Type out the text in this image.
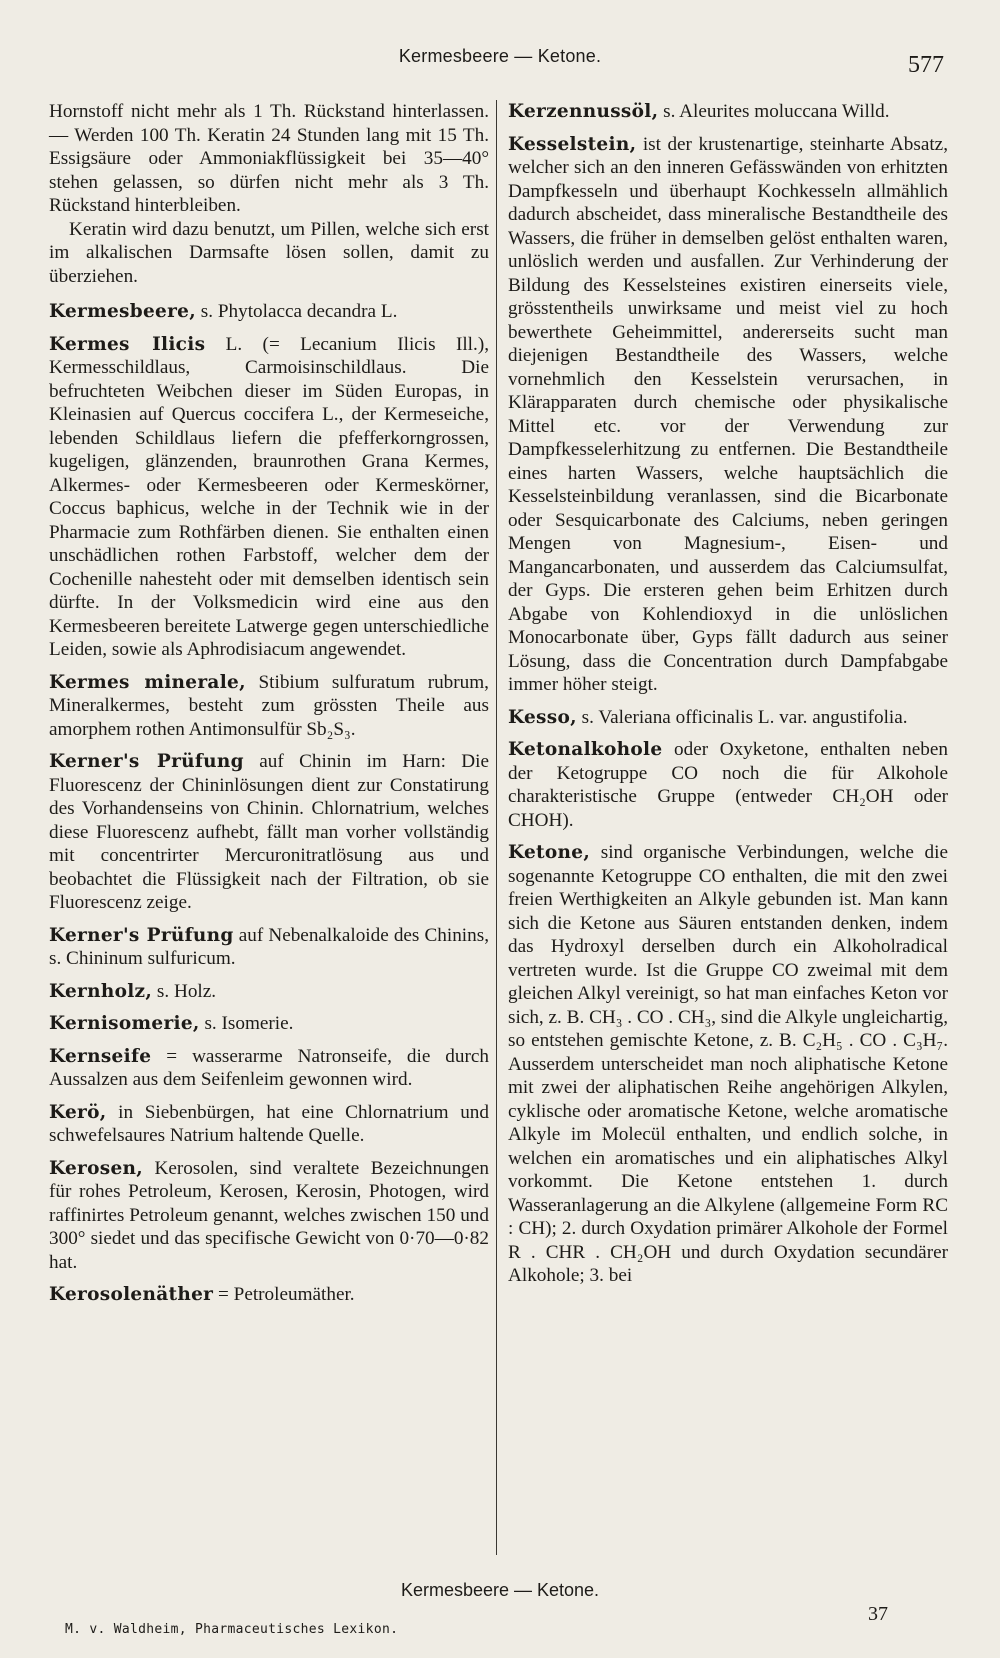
Kermesbeere — Ketone.	577

Hornstoff nicht mehr als 1 Th. Rückstand hinterlassen. — Werden 100 Th. Keratin 24 Stunden lang mit 15 Th. Essigsäure oder Ammoniakflüssigkeit bei 35—40° stehen gelassen, so dürfen nicht mehr als 3 Th. Rückstand hinterbleiben.

Keratin wird dazu benutzt, um Pillen, welche sich erst im alkalischen Darmsafte lösen sollen, damit zu überziehen.

Kermesbeere, s. Phytolacca decandra L.
Kermes Ilicis L. (= Lecanium Ilicis Ill.), Kermesschildlaus, Carmoisinschildlaus. Die befruchteten Weibchen dieser im Süden Europas, in Kleinasien auf Quercus coccifera L., der Kermeseiche, lebenden Schildlaus liefern die pfefferkorngrossen, kugeligen, glänzenden, braunrothen Grana Kermes, Alkermes- oder Kermesbeeren oder Kermeskörner, Coccus baphicus, welche in der Technik wie in der Pharmacie zum Rothfärben dienen. Sie enthalten einen unschädlichen rothen Farbstoff, welcher dem der Cochenille nahesteht oder mit demselben identisch sein dürfte. In der Volksmedicin wird eine aus den Kermesbeeren bereitete Latwerge gegen unterschiedliche Leiden, sowie als Aphrodisiacum angewendet.
Kermes minerale, Stibium sulfuratum rubrum, Mineralkermes, besteht zum grössten Theile aus amorphem rothen Antimonsulfür Sb₂S₃.
Kerner's Prüfung auf Chinin im Harn: Die Fluorescenz der Chininlösungen dient zur Constatirung des Vorhandenseins von Chinin. Chlornatrium, welches diese Fluorescenz aufhebt, fällt man vorher vollständig mit concentrirter Mercuronitratlösung aus und beobachtet die Flüssigkeit nach der Filtration, ob sie Fluorescenz zeige.
Kerner's Prüfung auf Nebenalkaloide des Chinins, s. Chininum sulfuricum.
Kernholz, s. Holz.
Kernisomerie, s. Isomerie.
Kernseife = wasserarme Natronseife, die durch Aussalzen aus dem Seifenleim gewonnen wird.
Kerö, in Siebenbürgen, hat eine Chlornatrium und schwefelsaures Natrium haltende Quelle.
Kerosen, Kerosolen, sind veraltete Bezeichnungen für rohes Petroleum, Kerosen, Kerosin, Photogen, wird raffinirtes Petroleum genannt, welches zwischen 150 und 300° siedet und das specifische Gewicht von 0·70—0·82 hat.
Kerosolenäther = Petroleumäther.
Kerzennussöl, s. Aleurites moluccana Willd.
Kesselstein, ist der krustenartige, steinharte Absatz, welcher sich an den inneren Gefässwänden von erhitzten Dampfkesseln und überhaupt Kochkesseln allmählich dadurch abscheidet, dass mineralische Bestandtheile des Wassers, die früher in demselben gelöst enthalten waren, unlöslich werden und ausfallen. Zur Verhinderung der Bildung des Kesselsteines existiren einerseits viele, grösstentheils unwirksame und meist viel zu hoch bewerthete Geheimmittel, andererseits sucht man diejenigen Bestandtheile des Wassers, welche vornehmlich den Kesselstein verursachen, in Klärapparaten durch chemische oder physikalische Mittel etc. vor der Verwendung zur Dampfkesselerhitzung zu entfernen. Die Bestandtheile eines harten Wassers, welche hauptsächlich die Kesselsteinbildung veranlassen, sind die Bicarbonate oder Sesquicarbonate des Calciums, neben geringen Mengen von Magnesium-, Eisen- und Mangancarbonaten, und ausserdem das Calciumsulfat, der Gyps. Die ersteren gehen beim Erhitzen durch Abgabe von Kohlendioxyd in die unlöslichen Monocarbonate über, Gyps fällt dadurch aus seiner Lösung, dass die Concentration durch Dampfabgabe immer höher steigt.
Kesso, s. Valeriana officinalis L. var. angustifolia.
Ketonalkohole oder Oxyketone, enthalten neben der Ketogruppe CO noch die für Alkohole charakteristische Gruppe (entweder CH₂OH oder CHOH).
Ketone, sind organische Verbindungen, welche die sogenannte Ketogruppe CO enthalten, die mit den zwei freien Werthigkeiten an Alkyle gebunden ist. Man kann sich die Ketone aus Säuren entstanden denken, indem das Hydroxyl derselben durch ein Alkoholradical vertreten wurde. Ist die Gruppe CO zweimal mit dem gleichen Alkyl vereinigt, so hat man einfaches Keton vor sich, z. B. CH₃ . CO . CH₃, sind die Alkyle ungleichartig, so entstehen gemischte Ketone, z. B. C₂H₅ . CO . C₃H₇. Ausserdem unterscheidet man noch aliphatische Ketone mit zwei der aliphatischen Reihe angehörigen Alkylen, cyklische oder aromatische Ketone, welche aromatische Alkyle im Molecül enthalten, und endlich solche, in welchen ein aromatisches und ein aliphatisches Alkyl vorkommt. Die Ketone entstehen 1. durch Wasseranlagerung an die Alkylene (allgemeine Form RC : CH); 2. durch Oxydation primärer Alkohole der Formel R . CHR . CH₂OH und durch Oxydation secundärer Alkohole; 3. bei
Kermesbeere — Ketone.
M. v. Waldheim, Pharmaceutisches Lexikon.
37
